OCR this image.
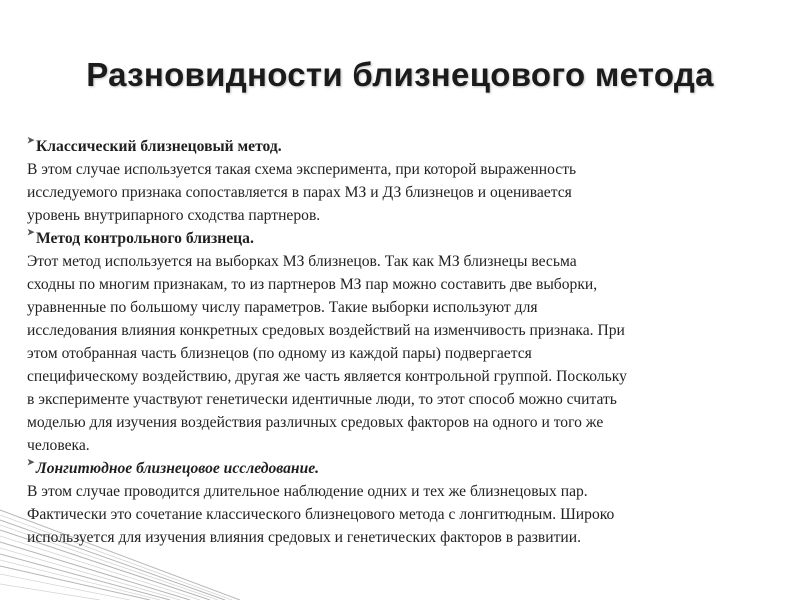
Разновидности близнецового метода
➤ Классический близнецовый метод.
В этом случае используется такая схема эксперимента, при которой выраженность
исследуемого признака сопоставляется в парах МЗ и ДЗ близнецов и оценивается
уровень внутрипарного сходства партнеров.
➤ Метод контрольного близнеца.
Этот метод используется на выборках МЗ близнецов. Так как МЗ близнецы весьма
сходны по многим признакам, то из партнеров МЗ пар можно составить две выборки,
уравненные по большому числу параметров. Такие выборки используют для
исследования влияния конкретных средовых воздействий на изменчивость признака. При
этом отобранная часть близнецов (по одному из каждой пары) подвергается
специфическому воздействию, другая же часть является контрольной группой. Поскольку
в эксперименте участвуют генетически идентичные люди, то этот способ можно считать
моделью для изучения воздействия различных средовых факторов на одного и того же
человека.
➤ Лонгитюдное близнецовое исследование.
В этом случае проводится длительное наблюдение одних и тех же близнецовых пар.
Фактически это сочетание классического близнецового метода с лонгитюдным. Широко
используется для изучения влияния средовых и генетических факторов в развитии.
